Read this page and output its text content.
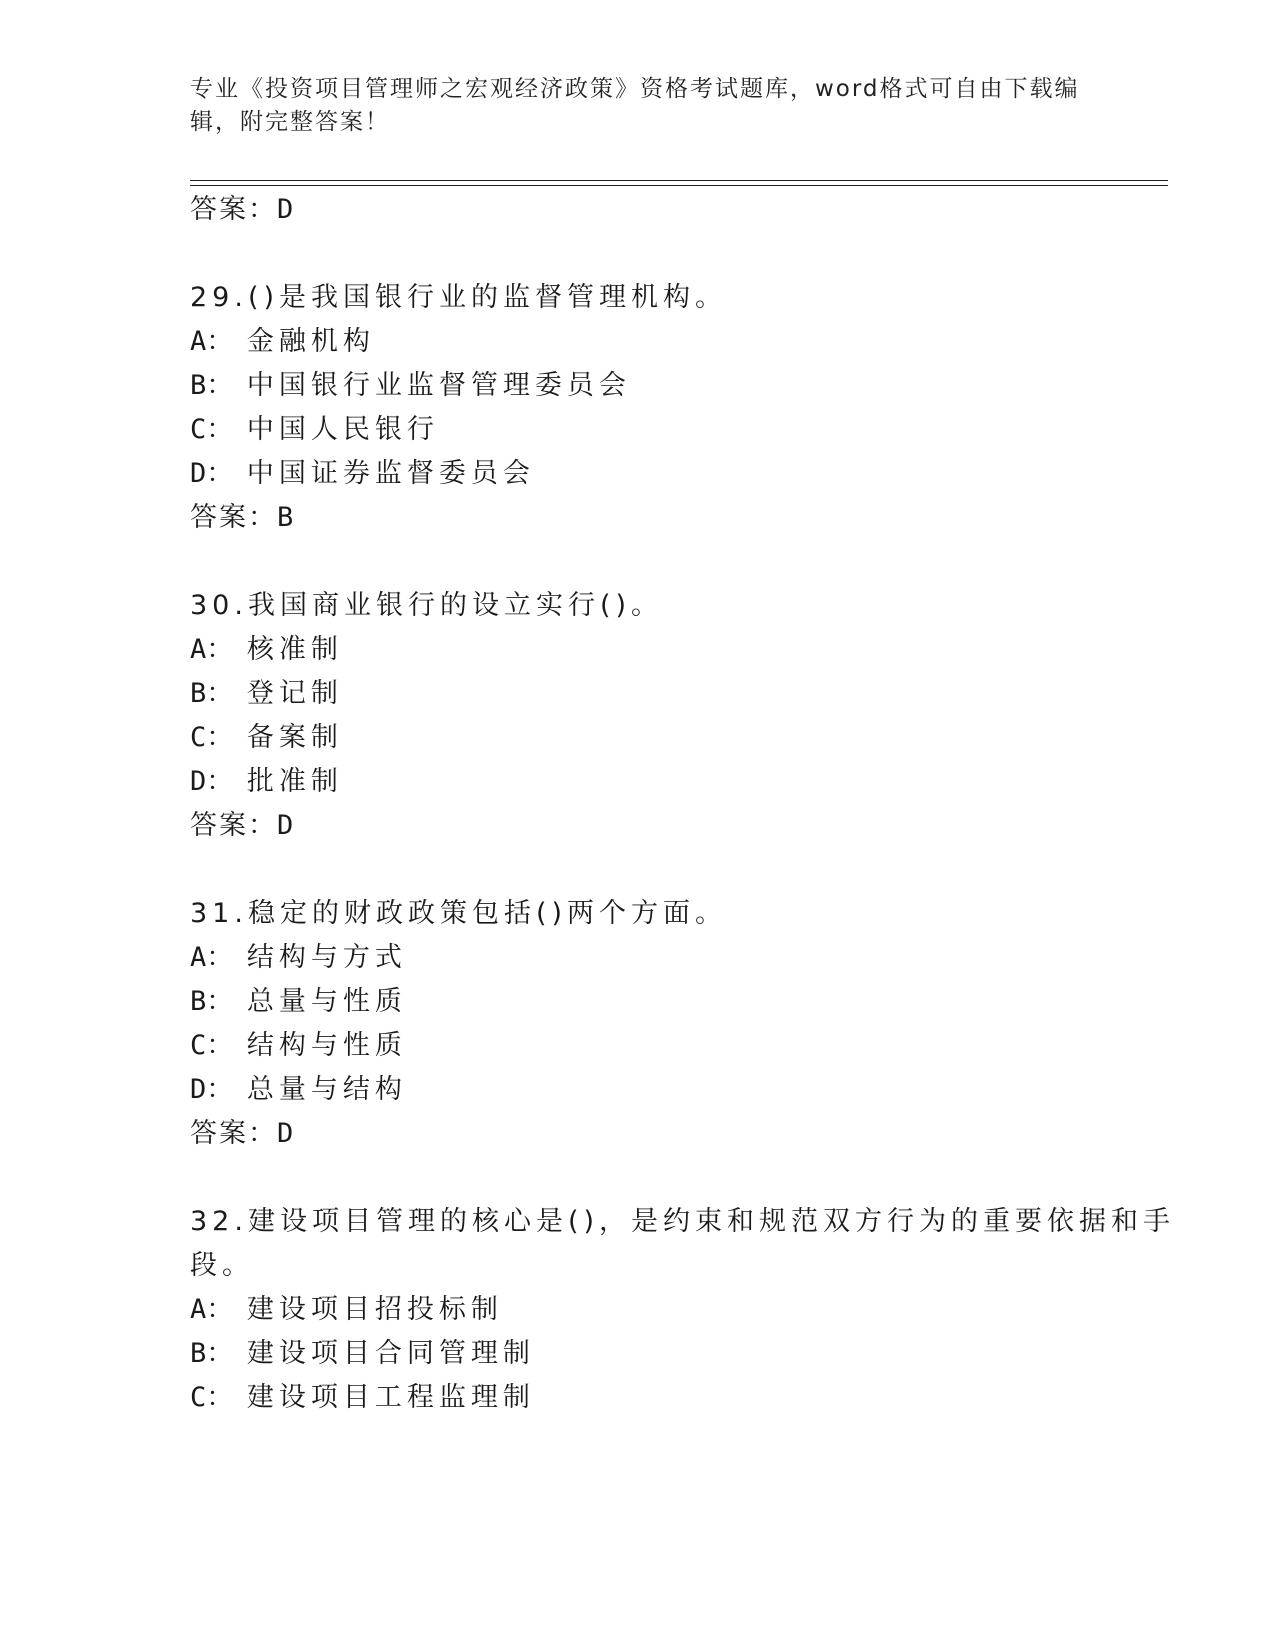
专业《投资项目管理师之宏观经济政策》资格考试题库，word格式可自由下载编
辑，附完整答案！
答案：D
29.()是我国银行业的监督管理机构。
A： 金融机构
B： 中国银行业监督管理委员会
C： 中国人民银行
D： 中国证券监督委员会
答案：B
30.我国商业银行的设立实行()。
A： 核准制
B： 登记制
C： 备案制
D： 批准制
答案：D
31.稳定的财政政策包括()两个方面。
A： 结构与方式
B： 总量与性质
C： 结构与性质
D： 总量与结构
答案：D
32.建设项目管理的核心是()，是约束和规范双方行为的重要依据和手
段。
A： 建设项目招投标制
B： 建设项目合同管理制
C： 建设项目工程监理制
